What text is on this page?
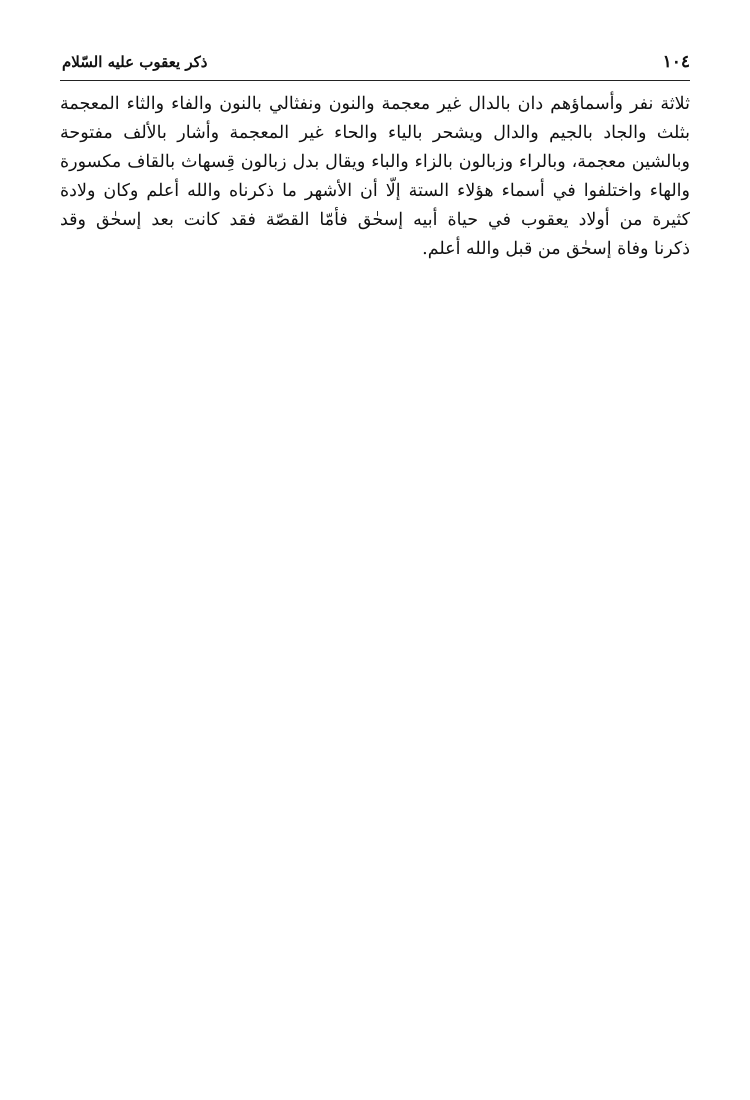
١٠٤
ذكر يعقوب عليه السّلام
ثلاثة نفر وأسماؤهم دان بالدال غير معجمة والنون ونفثالي بالنون والفاء والثاء المعجمة
بثلث والجاد بالجيم والدال ويشحر بالياء والحاء غير المعجمة وأشار بالألف مفتوحة
وبالشين معجمة، وبالراء وزبالون بالزاء والباء ويقال بدل زبالون قِسهاث بالقاف مكسورة
والهاء واختلفوا في أسماء هؤلاء الستة إلّا أن الأشهر ما ذكرناه والله أعلم وكان ولادة
كثيرة من أولاد يعقوب في حياة أبيه إسحٰق فأمّا القصّة فقد كانت بعد إسحٰق وقد
ذكرنا وفاة إسحٰق من قبل والله أعلم.
